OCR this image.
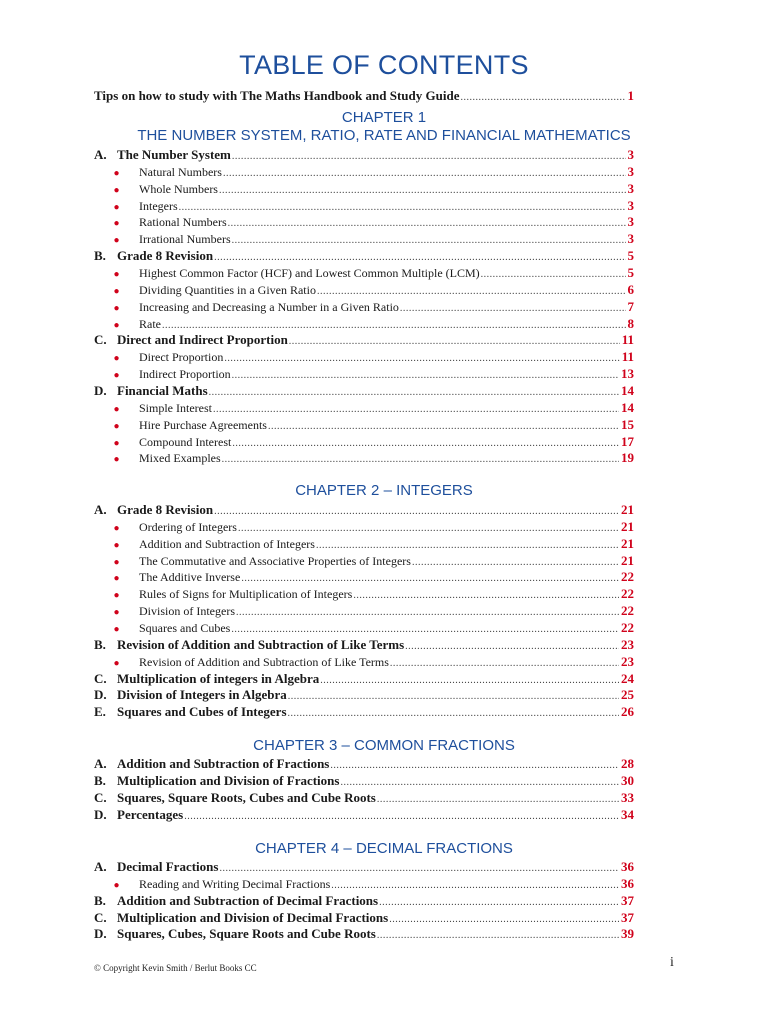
TABLE OF CONTENTS
Tips on how to study with The Maths Handbook and Study Guide .....	1
CHAPTER 1
THE NUMBER SYSTEM, RATIO, RATE AND FINANCIAL MATHEMATICS
A. The Number System .....	3
● Natural Numbers .....	3
● Whole Numbers .....	3
● Integers .....	3
● Rational Numbers .....	3
● Irrational Numbers .....	3
B. Grade 8 Revision .....	5
● Highest Common Factor (HCF) and Lowest Common Multiple (LCM) .....	5
● Dividing Quantities in a Given Ratio .....	6
● Increasing and Decreasing a Number in a Given Ratio .....	7
● Rate .....	8
C. Direct and Indirect Proportion .....	11
● Direct Proportion .....	11
● Indirect Proportion .....	13
D. Financial Maths .....	14
● Simple Interest .....	14
● Hire Purchase Agreements .....	15
● Compound Interest .....	17
● Mixed Examples .....	19
CHAPTER 2 – INTEGERS
A. Grade 8 Revision .....	21
● Ordering of Integers .....	21
● Addition and Subtraction of Integers .....	21
● The Commutative and Associative Properties of Integers .....	21
● The Additive Inverse .....	22
● Rules of Signs for Multiplication of Integers .....	22
● Division of Integers .....	22
● Squares and Cubes .....	22
B. Revision of Addition and Subtraction of Like Terms .....	23
● Revision of Addition and Subtraction of Like Terms .....	23
C. Multiplication of integers in Algebra .....	24
D. Division of Integers in Algebra .....	25
E. Squares and Cubes of Integers .....	26
CHAPTER 3 – COMMON FRACTIONS
A. Addition and Subtraction of Fractions .....	28
B. Multiplication and Division of Fractions .....	30
C. Squares, Square Roots, Cubes and Cube Roots .....	33
D. Percentages .....	34
CHAPTER 4 – DECIMAL FRACTIONS
A. Decimal Fractions .....	36
● Reading and Writing Decimal Fractions .....	36
B. Addition and Subtraction of Decimal Fractions .....	37
C. Multiplication and Division of Decimal Fractions .....	37
D. Squares, Cubes, Square Roots and Cube Roots .....	39
© Copyright Kevin Smith / Berlut Books CC	i
